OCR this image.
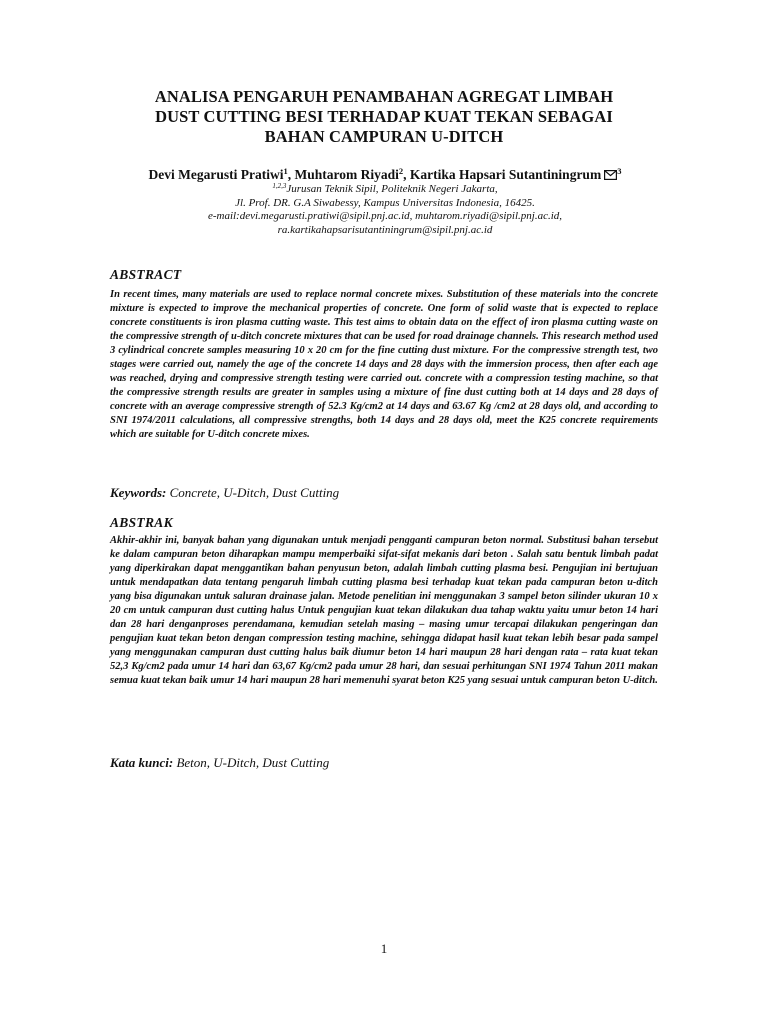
ANALISA PENGARUH PENAMBAHAN AGREGAT LIMBAH
DUST CUTTING BESI TERHADAP KUAT TEKAN SEBAGAI
BAHAN CAMPURAN U-DITCH
Devi Megarusti Pratiwi$^1$, Muhtarom Riyadi$^2$, Kartika Hapsari Sutantiningrum $^3$
$^{1,2,3}$Jurusan Teknik Sipil, Politeknik Negeri Jakarta,
Jl. Prof. DR. G.A Siwabessy, Kampus Universitas Indonesia, 16425.
e-mail:devi.megarusti.pratiwi@sipil.pnj.ac.id, muhtarom.riyadi@sipil.pnj.ac.id,
ra.kartikahapsarisutantiningrum@sipil.pnj.ac.id
ABSTRACT

In recent times, many materials are used to replace normal concrete mixes. Substitution of these materials into the concrete mixture is expected to improve the mechanical properties of concrete. One form of solid waste that is expected to replace concrete constituents is iron plasma cutting waste. This test aims to obtain data on the effect of iron plasma cutting waste on the compressive strength of u-ditch concrete mixtures that can be used for road drainage channels. This research method used 3 cylindrical concrete samples measuring 10 x 20 cm for the fine cutting dust mixture. For the compressive strength test, two stages were carried out, namely the age of the concrete 14 days and 28 days with the immersion process, then after each age was reached, drying and compressive strength testing were carried out. concrete with a compression testing machine, so that the compressive strength results are greater in samples using a mixture of fine dust cutting both at 14 days and 28 days of concrete with an average compressive strength of 52.3 Kg/cm2 at 14 days and 63.67 Kg /cm2 at 28 days old, and according to SNI 1974/2011 calculations, all compressive strengths, both 14 days and 28 days old, meet the K25 concrete requirements which are suitable for U-ditch concrete mixes.

Keywords: Concrete, U-Ditch, Dust Cutting
ABSTRAK

Akhir-akhir ini, banyak bahan yang digunakan untuk menjadi pengganti campuran beton normal. Substitusi bahan tersebut ke dalam campuran beton diharapkan mampu memperbaiki sifat-sifat mekanis dari beton . Salah satu bentuk limbah padat yang diperkirakan dapat menggantikan bahan penyusun beton, adalah limbah cutting plasma besi. Pengujian ini bertujuan untuk mendapatkan data tentang pengaruh limbah cutting plasma besi terhadap kuat tekan pada campuran beton u-ditch yang bisa digunakan untuk saluran drainase jalan. Metode penelitian ini menggunakan 3 sampel beton silinder ukuran 10 x 20 cm untuk campuran dust cutting halus Untuk pengujian kuat tekan dilakukan dua tahap waktu yaitu umur beton 14 hari dan 28 hari denganproses perendamana, kemudian setelah masing – masing umur tercapai dilakukan pengeringan dan pengujian kuat tekan beton dengan compression testing machine, sehingga didapat hasil kuat tekan lebih besar pada sampel yang menggunakan campuran dust cutting halus baik diumur beton 14 hari maupun 28 hari dengan rata – rata kuat tekan 52,3 Kg/cm2 pada umur 14 hari dan 63,67 Kg/cm2 pada umur 28 hari, dan sesuai perhitungan SNI 1974 Tahun 2011 makan semua kuat tekan baik umur 14 hari maupun 28 hari memenuhi syarat beton K25 yang sesuai untuk campuran beton U-ditch.

Kata kunci: Beton, U-Ditch, Dust Cutting
1
